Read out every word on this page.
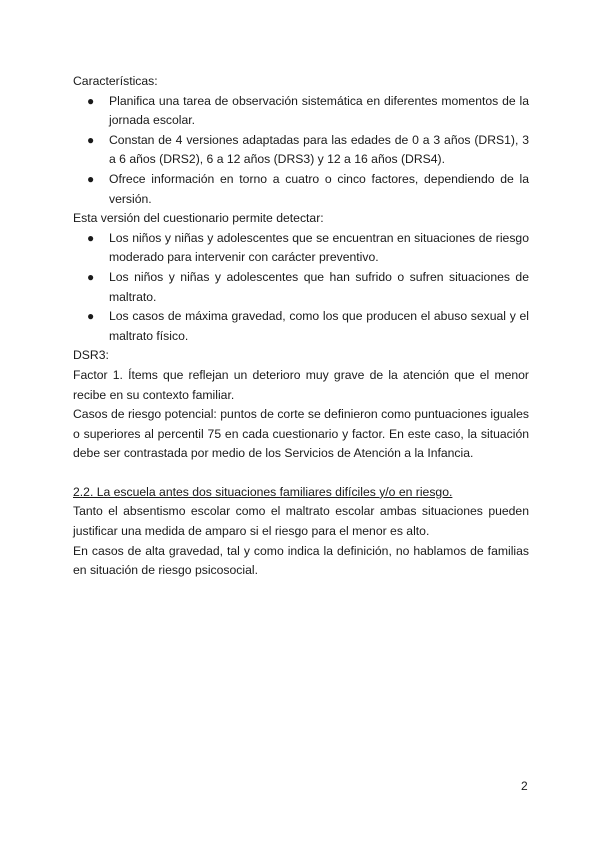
Características:

● Planifica una tarea de observación sistemática en diferentes momentos de la jornada escolar.
● Constan de 4 versiones adaptadas para las edades de 0 a 3 años (DRS1), 3 a 6 años (DRS2), 6 a 12 años (DRS3) y 12 a 16 años (DRS4).
● Ofrece información en torno a cuatro o cinco factores, dependiendo de la versión.

Esta versión del cuestionario permite detectar:

● Los niños y niñas y adolescentes que se encuentran en situaciones de riesgo moderado para intervenir con carácter preventivo.
● Los niños y niñas y adolescentes que han sufrido o sufren situaciones de maltrato.
● Los casos de máxima gravedad, como los que producen el abuso sexual y el maltrato físico.

DSR3:

Factor 1. Ítems que reflejan un deterioro muy grave de la atención que el menor recibe en su contexto familiar.

Casos de riesgo potencial: puntos de corte se definieron como puntuaciones iguales o superiores al percentil 75 en cada cuestionario y factor. En este caso, la situación debe ser contrastada por medio de los Servicios de Atención a la Infancia.

2.2. La escuela antes dos situaciones familiares difíciles y/o en riesgo.

Tanto el absentismo escolar como el maltrato escolar ambas situaciones pueden justificar una medida de amparo si el riesgo para el menor es alto.

En casos de alta gravedad, tal y como indica la definición, no hablamos de familias en situación de riesgo psicosocial.

2
